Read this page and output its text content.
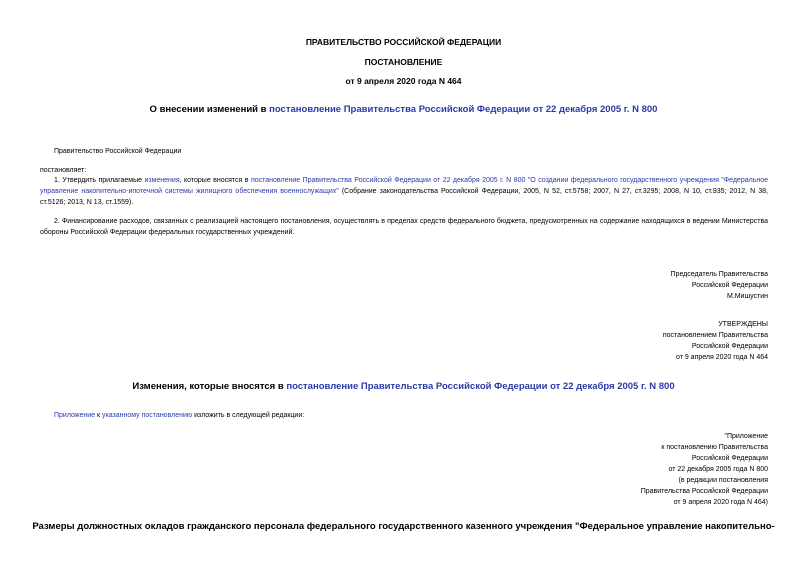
ПРАВИТЕЛЬСТВО РОССИЙСКОЙ ФЕДЕРАЦИИ
ПОСТАНОВЛЕНИЕ
от 9 апреля 2020 года N 464
О внесении изменений в постановление Правительства Российской Федерации от 22 декабря 2005 г. N 800
Правительство Российской Федерации
постановляет:
1. Утвердить прилагаемые изменения, которые вносятся в постановление Правительства Российской Федерации от 22 декабря 2005 г. N 800 "О создании федерального государственного учреждения "Федеральное управление накопительно-ипотечной системы жилищного обеспечения военнослужащих" (Собрание законодательства Российской Федерации, 2005, N 52, ст.5758; 2007, N 27, ст.3295; 2008, N 10, ст.935; 2012, N 38, ст.5126; 2013, N 13, ст.1559).
2. Финансирование расходов, связанных с реализацией настоящего постановления, осуществлять в пределах средств федерального бюджета, предусмотренных на содержание находящихся в ведении Министерства обороны Российской Федерации федеральных государственных учреждений.
Председатель Правительства
Российской Федерации
М.Мишустин
УТВЕРЖДЕНЫ
постановлением Правительства
Российской Федерации
от 9 апреля 2020 года N 464
Изменения, которые вносятся в постановление Правительства Российской Федерации от 22 декабря 2005 г. N 800
Приложение к указанному постановлению изложить в следующей редакции:
"Приложение
к постановлению Правительства
Российской Федерации
от 22 декабря 2005 года N 800
(в редакции постановления
Правительства Российской Федерации
от 9 апреля 2020 года N 464)
Размеры должностных окладов гражданского персонала федерального государственного казенного учреждения "Федеральное управление накопительно-
